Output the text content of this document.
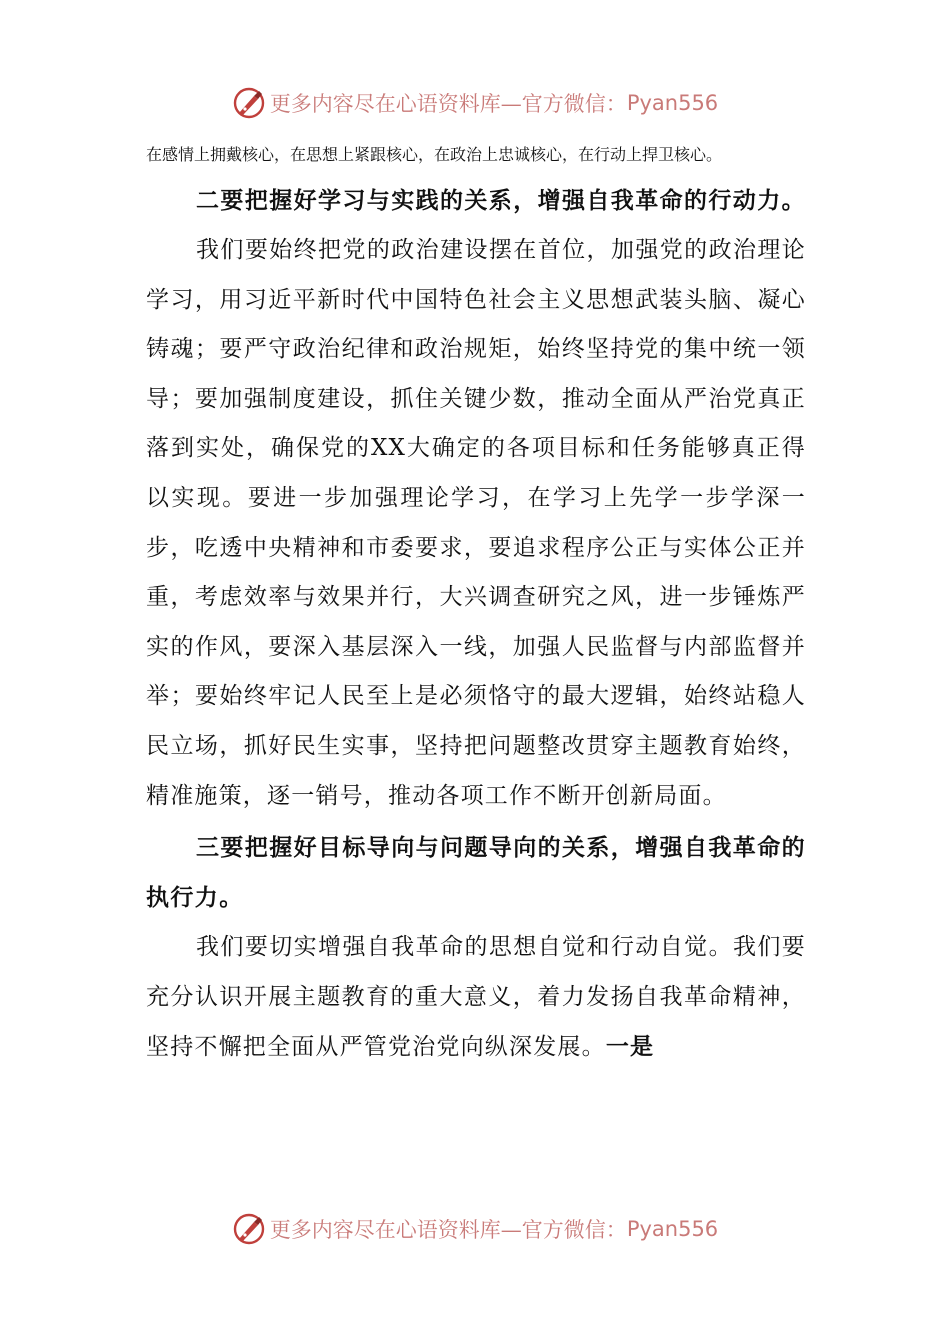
更多内容尽在心语资料库—官方微信： Pyan556

在感情上拥戴核心，在思想上紧跟核心，在政治上忠诚核心，在行动上捍卫核心。

二要把握好学习与实践的关系，增强自我革命的行动力。

我们要始终把党的政治建设摆在首位，加强党的政治理论学习，用习近平新时代中国特色社会主义思想武装头脑、凝心铸魂；要严守政治纪律和政治规矩，始终坚持党的集中统一领导；要加强制度建设，抓住关键少数，推动全面从严治党真正落到实处，确保党的XX大确定的各项目标和任务能够真正得以实现。要进一步加强理论学习，在学习上先学一步学深一步，吃透中央精神和市委要求，要追求程序公正与实体公正并重，考虑效率与效果并行，大兴调查研究之风，进一步锤炼严实的作风，要深入基层深入一线，加强人民监督与内部监督并举；要始终牢记人民至上是必须恪守的最大逻辑，始终站稳人民立场，抓好民生实事，坚持把问题整改贯穿主题教育始终，精准施策，逐一销号，推动各项工作不断开创新局面。

三要把握好目标导向与问题导向的关系，增强自我革命的执行力。

我们要切实增强自我革命的思想自觉和行动自觉。我们要充分认识开展主题教育的重大意义，着力发扬自我革命精神，坚持不懈把全面从严管党治党向纵深发展。一是

更多内容尽在心语资料库—官方微信： Pyan556
